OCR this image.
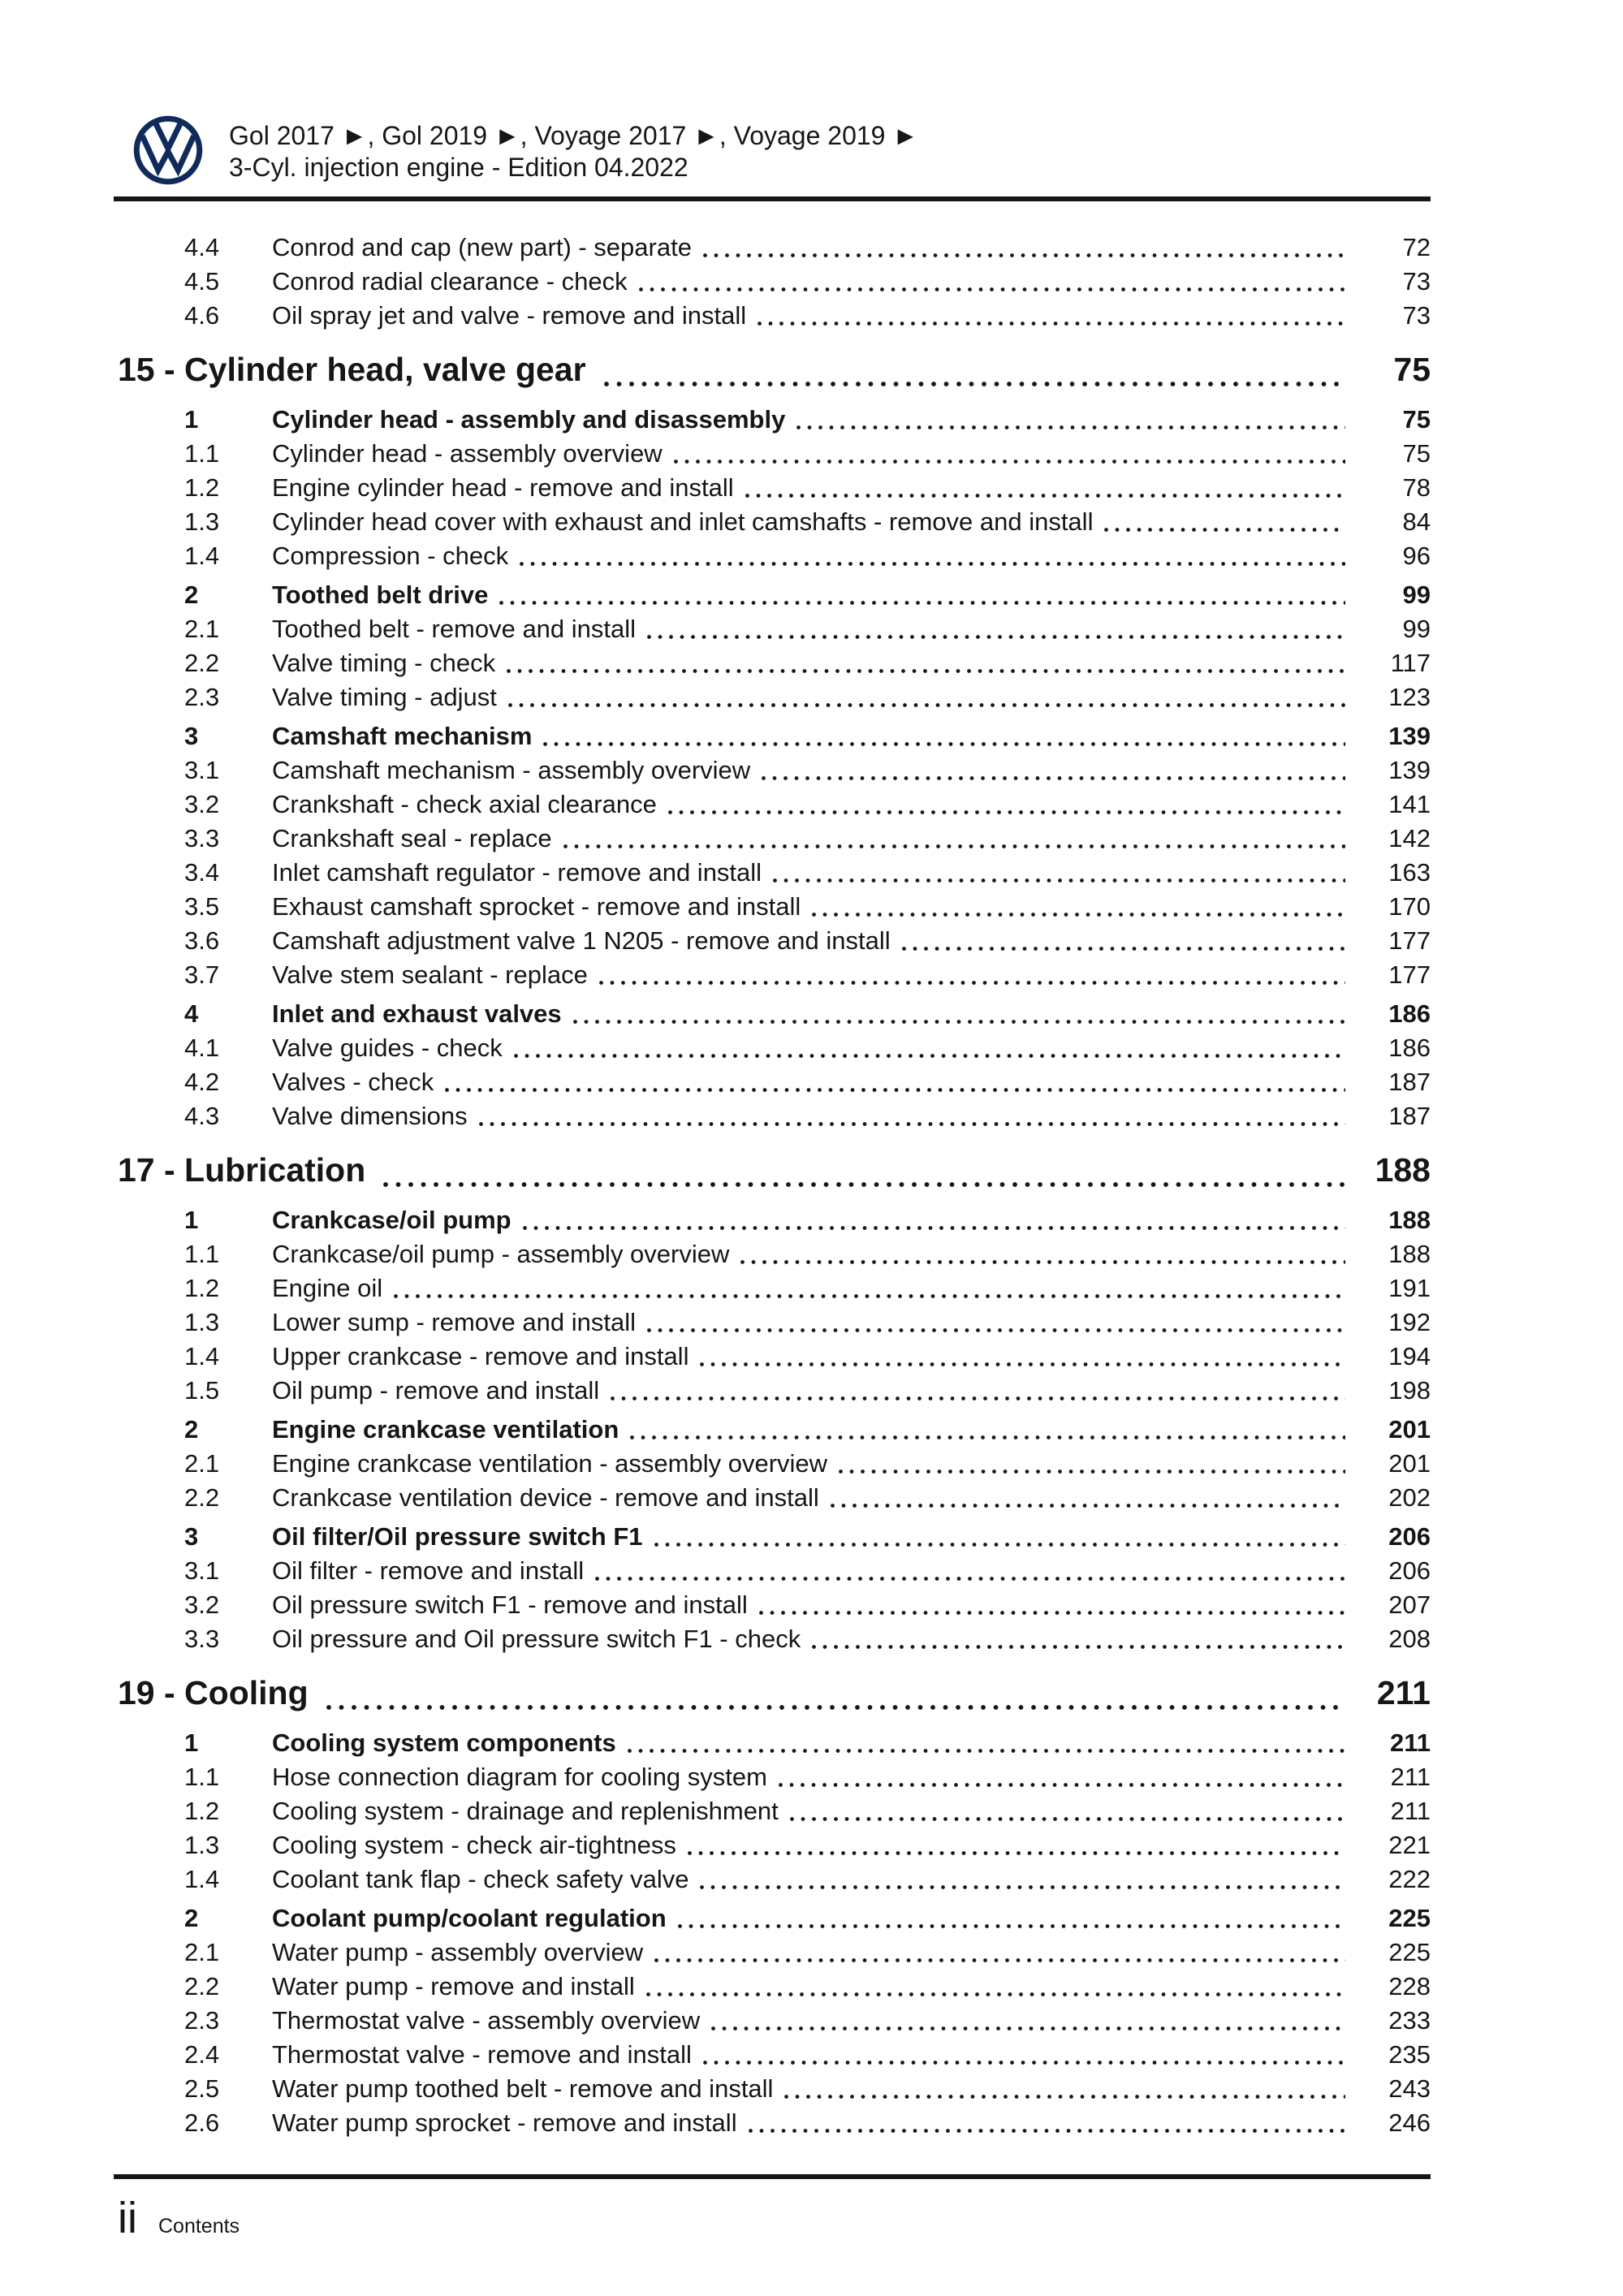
Gol 2017 ►, Gol 2019 ►, Voyage 2017 ►, Voyage 2019 ►
3-Cyl. injection engine - Edition 04.2022
4.4	Conrod and cap (new part) - separate	72
4.5	Conrod radial clearance - check	73
4.6	Oil spray jet and valve - remove and install	73
15 - Cylinder head, valve gear	75
1	Cylinder head - assembly and disassembly	75
1.1	Cylinder head - assembly overview	75
1.2	Engine cylinder head - remove and install	78
1.3	Cylinder head cover with exhaust and inlet camshafts - remove and install	84
1.4	Compression - check	96
2	Toothed belt drive	99
2.1	Toothed belt - remove and install	99
2.2	Valve timing - check	117
2.3	Valve timing - adjust	123
3	Camshaft mechanism	139
3.1	Camshaft mechanism - assembly overview	139
3.2	Crankshaft - check axial clearance	141
3.3	Crankshaft seal - replace	142
3.4	Inlet camshaft regulator - remove and install	163
3.5	Exhaust camshaft sprocket - remove and install	170
3.6	Camshaft adjustment valve 1 N205 - remove and install	177
3.7	Valve stem sealant - replace	177
4	Inlet and exhaust valves	186
4.1	Valve guides - check	186
4.2	Valves - check	187
4.3	Valve dimensions	187
17 - Lubrication	188
1	Crankcase/oil pump	188
1.1	Crankcase/oil pump - assembly overview	188
1.2	Engine oil	191
1.3	Lower sump - remove and install	192
1.4	Upper crankcase - remove and install	194
1.5	Oil pump - remove and install	198
2	Engine crankcase ventilation	201
2.1	Engine crankcase ventilation - assembly overview	201
2.2	Crankcase ventilation device - remove and install	202
3	Oil filter/Oil pressure switch F1	206
3.1	Oil filter - remove and install	206
3.2	Oil pressure switch F1 - remove and install	207
3.3	Oil pressure and Oil pressure switch F1 - check	208
19 - Cooling	211
1	Cooling system components	211
1.1	Hose connection diagram for cooling system	211
1.2	Cooling system - drainage and replenishment	211
1.3	Cooling system - check air-tightness	221
1.4	Coolant tank flap - check safety valve	222
2	Coolant pump/coolant regulation	225
2.1	Water pump - assembly overview	225
2.2	Water pump - remove and install	228
2.3	Thermostat valve - assembly overview	233
2.4	Thermostat valve - remove and install	235
2.5	Water pump toothed belt - remove and install	243
2.6	Water pump sprocket - remove and install	246
ii Contents
